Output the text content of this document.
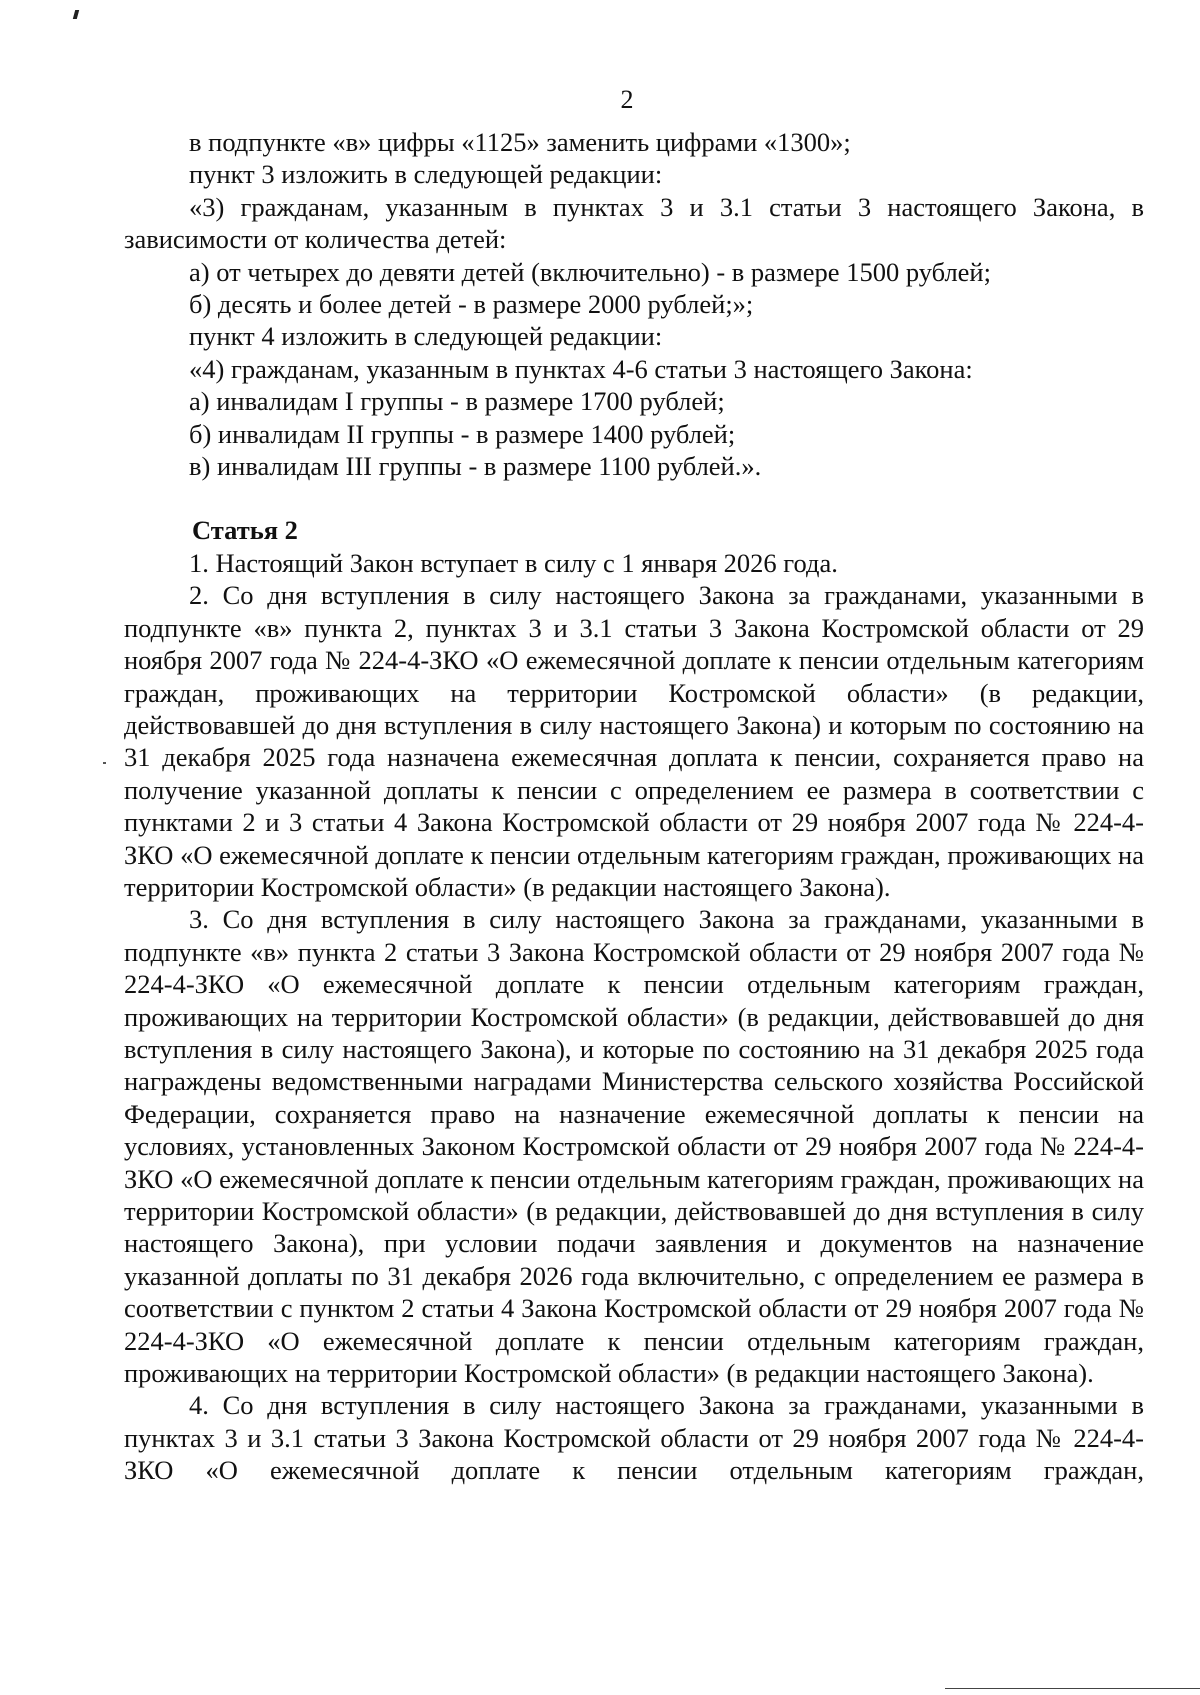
2

в подпункте «в» цифры «1125» заменить цифрами «1300»;

пункт 3 изложить в следующей редакции:

«3) гражданам, указанным в пунктах 3 и 3.1 статьи 3 настоящего Закона, в зависимости от количества детей:

а) от четырех до девяти детей (включительно) - в размере 1500 рублей;

б) десять и более детей - в размере 2000 рублей;»;

пункт 4 изложить в следующей редакции:

«4) гражданам, указанным в пунктах 4-6 статьи 3 настоящего Закона:

а) инвалидам I группы - в размере 1700 рублей;

б) инвалидам II группы - в размере 1400 рублей;

в) инвалидам III группы - в размере 1100 рублей.».

Статья 2

1. Настоящий Закон вступает в силу с 1 января 2026 года.

2. Со дня вступления в силу настоящего Закона за гражданами, указанными в подпункте «в» пункта 2, пунктах 3 и 3.1 статьи 3 Закона Костромской области от 29 ноября 2007 года № 224-4-ЗКО «О ежемесячной доплате к пенсии отдельным категориям граждан, проживающих на территории Костромской области» (в редакции, действовавшей до дня вступления в силу настоящего Закона) и которым по состоянию на 31 декабря 2025 года назначена ежемесячная доплата к пенсии, сохраняется право на получение указанной доплаты к пенсии с определением ее размера в соответствии с пунктами 2 и 3 статьи 4 Закона Костромской области от 29 ноября 2007 года № 224-4-ЗКО «О ежемесячной доплате к пенсии отдельным категориям граждан, проживающих на территории Костромской области» (в редакции настоящего Закона).

3. Со дня вступления в силу настоящего Закона за гражданами, указанными в подпункте «в» пункта 2 статьи 3 Закона Костромской области от 29 ноября 2007 года № 224-4-ЗКО «О ежемесячной доплате к пенсии отдельным категориям граждан, проживающих на территории Костромской области» (в редакции, действовавшей до дня вступления в силу настоящего Закона), и которые по состоянию на 31 декабря 2025 года награждены ведомственными наградами Министерства сельского хозяйства Российской Федерации, сохраняется право на назначение ежемесячной доплаты к пенсии на условиях, установленных Законом Костромской области от 29 ноября 2007 года № 224-4-ЗКО «О ежемесячной доплате к пенсии отдельным категориям граждан, проживающих на территории Костромской области» (в редакции, действовавшей до дня вступления в силу настоящего Закона), при условии подачи заявления и документов на назначение указанной доплаты по 31 декабря 2026 года включительно, с определением ее размера в соответствии с пунктом 2 статьи 4 Закона Костромской области от 29 ноября 2007 года № 224-4-ЗКО «О ежемесячной доплате к пенсии отдельным категориям граждан, проживающих на территории Костромской области» (в редакции настоящего Закона).

4. Со дня вступления в силу настоящего Закона за гражданами, указанными в пунктах 3 и 3.1 статьи 3 Закона Костромской области от 29 ноября 2007 года № 224-4-ЗКО «О ежемесячной доплате к пенсии отдельным категориям граждан,
